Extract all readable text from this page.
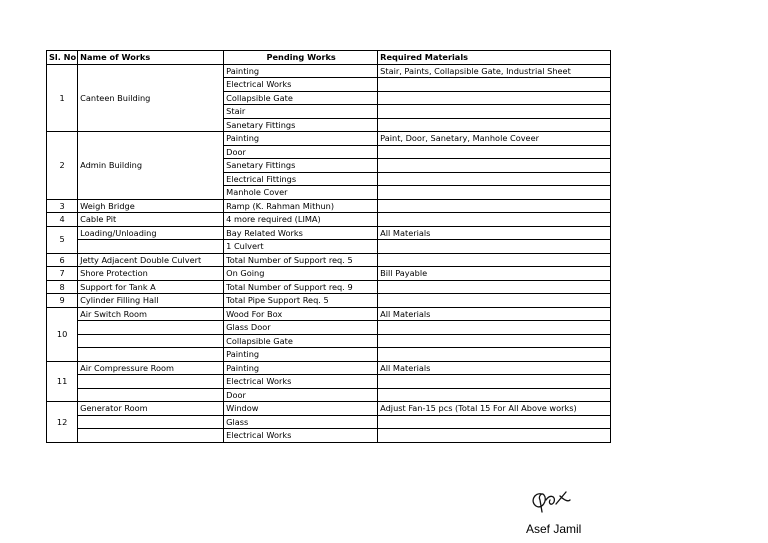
Sl. No	Name of Works	Pending Works	Required Materials
1	Canteen Building	Painting	Stair, Paints, Collapsible Gate, Industrial Sheet
		Electrical Works	
		Collapsible Gate	
		Stair	
		Sanetary Fittings	
2	Admin Building	Painting	Paint, Door, Sanetary, Manhole Coveer
		Door	
		Sanetary Fittings	
		Electrical Fittings	
		Manhole Cover	
3	Weigh Bridge	Ramp (K. Rahman Mithun)	
4	Cable Pit	4 more required (LIMA)	
5	Loading/Unloading	Bay Related Works	All Materials
		1 Culvert	
6	Jetty Adjacent Double Culvert	Total Number of Support req. 5	
7	Shore Protection	On Going	Bill Payable
8	Support for Tank A	Total Number of Support req. 9	
9	Cylinder Filling Hall	Total Pipe Support Req. 5	
10	Air Switch Room	Wood For Box	All Materials
		Glass Door	
		Collapsible Gate	
		Painting	
11	Air Compressure Room	Painting	All Materials
		Electrical Works	
		Door	
12	Generator Room	Window	Adjust Fan-15 pcs (Total 15 For All Above works)
		Glass	
		Electrical Works	
Asef Jamil
